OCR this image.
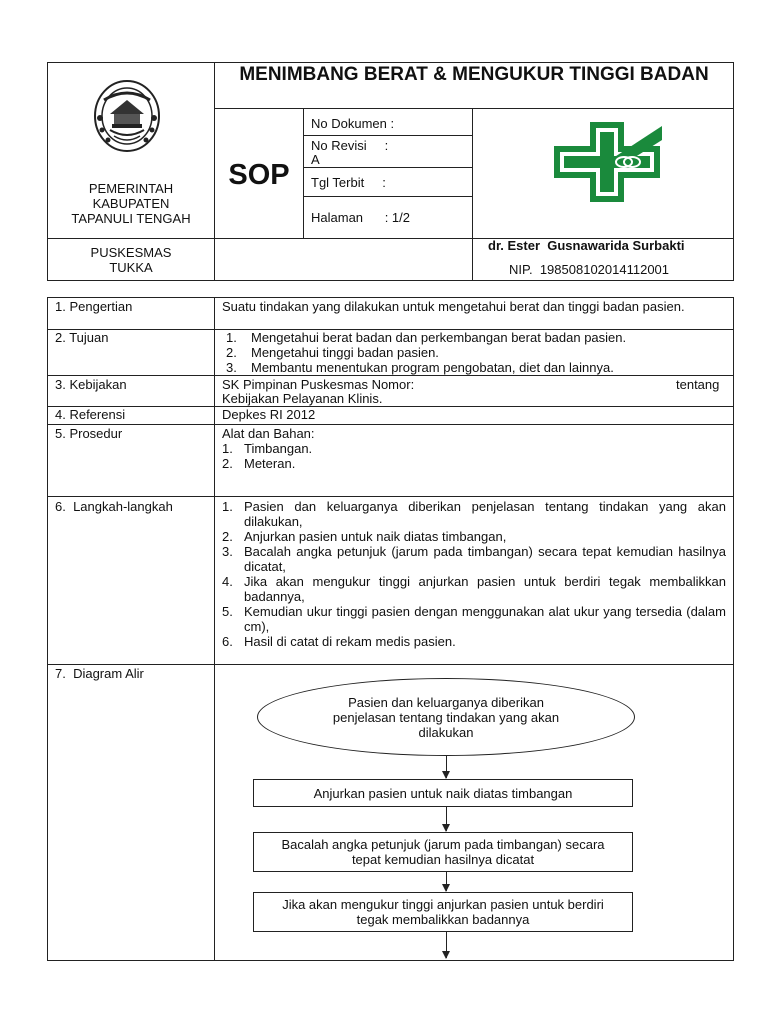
PEMERINTAH
KABUPATEN
TAPANULI TENGAH
MENIMBANG BERAT & MENGUKUR TINGGI BADAN
SOP
No Dokumen :
No Revisi     :
A
Tgl Terbit     :
Halaman      : 1/2
PUSKESMAS
TUKKA
dr. Ester  Gusnawarida Surbakti
NIP.  198508102014112001
1. Pengertian	Suatu tindakan yang dilakukan untuk mengetahui berat dan tinggi badan pasien.
2. Tujuan	1. Mengetahui berat badan dan perkembangan berat badan pasien.
2. Mengetahui tinggi badan pasien.
3. Membantu menentukan program pengobatan, diet dan lainnya.
3. Kebijakan	SK Pimpinan Puskesmas Nomor:	tentang
Kebijakan Pelayanan Klinis.
4. Referensi	Depkes RI 2012
5. Prosedur	Alat dan Bahan:
1. Timbangan.
2. Meteran.
6.  Langkah-langkah	1. Pasien dan keluarganya diberikan penjelasan tentang tindakan yang akan dilakukan,
2. Anjurkan pasien untuk naik diatas timbangan,
3. Bacalah angka petunjuk (jarum pada timbangan) secara tepat kemudian hasilnya dicatat,
4. Jika akan mengukur tinggi anjurkan pasien untuk berdiri tegak membalikkan badannya,
5. Kemudian ukur tinggi pasien dengan menggunakan alat ukur yang tersedia (dalam cm),
6. Hasil di catat di rekam medis pasien.
7.  Diagram Alir
Pasien dan keluarganya diberikan penjelasan tentang tindakan yang akan dilakukan
Anjurkan pasien untuk naik diatas timbangan
Bacalah angka petunjuk (jarum pada timbangan) secara tepat kemudian hasilnya dicatat
Jika akan mengukur tinggi anjurkan pasien untuk berdiri tegak membalikkan badannya
